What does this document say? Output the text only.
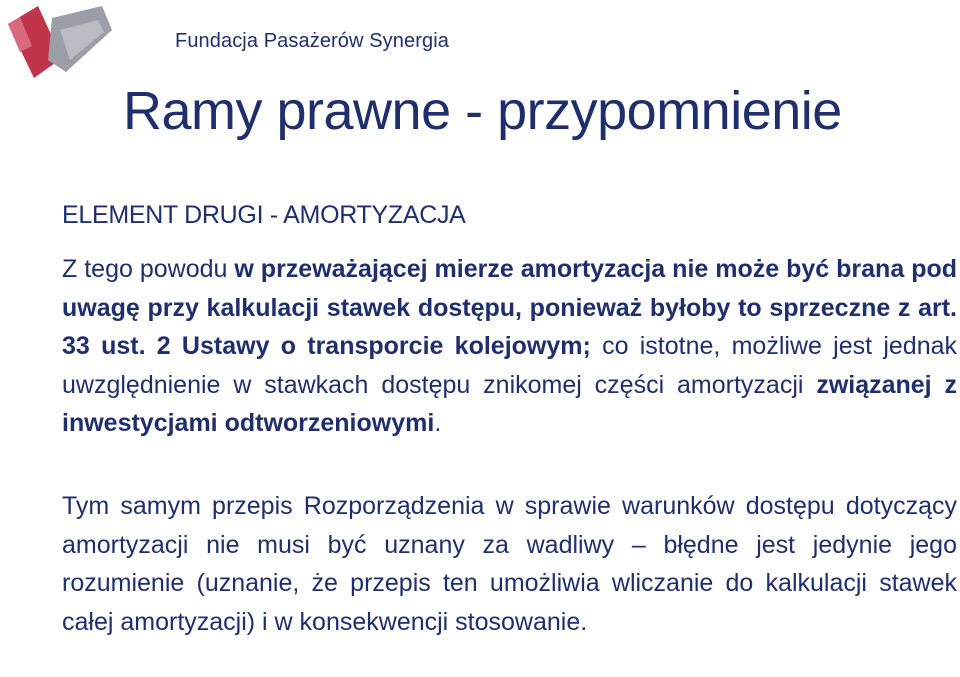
Fundacja Pasażerów Synergia
Ramy prawne - przypomnienie
ELEMENT DRUGI - AMORTYZACJA

Z tego powodu w przeważającej mierze amortyzacja nie może być brana pod uwagę przy kalkulacji stawek dostępu, ponieważ byłoby to sprzeczne z art. 33 ust. 2 Ustawy o transporcie kolejowym; co istotne, możliwe jest jednak uwzględnienie w stawkach dostępu znikomej części amortyzacji związanej z inwestycjami odtworzeniowymi.

Tym samym przepis Rozporządzenia w sprawie warunków dostępu dotyczący amortyzacji nie musi być uznany za wadliwy – błędne jest jedynie jego rozumienie (uznanie, że przepis ten umożliwia wliczanie do kalkulacji stawek całej amortyzacji) i w konsekwencji stosowanie.
